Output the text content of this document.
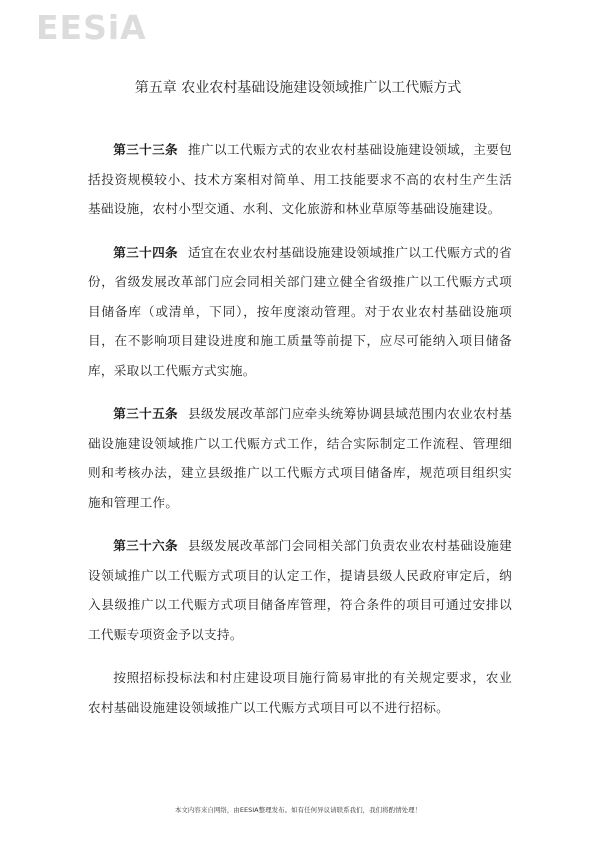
EESiA
第五章 农业农村基础设施建设领域推广以工代赈方式

第三十三条 推广以工代赈方式的农业农村基础设施建设领域，主要包括投资规模较小、技术方案相对简单、用工技能要求不高的农村生产生活基础设施，农村小型交通、水利、文化旅游和林业草原等基础设施建设。

第三十四条 适宜在农业农村基础设施建设领域推广以工代赈方式的省份，省级发展改革部门应会同相关部门建立健全省级推广以工代赈方式项目储备库（或清单，下同），按年度滚动管理。对于农业农村基础设施项目，在不影响项目建设进度和施工质量等前提下，应尽可能纳入项目储备库，采取以工代赈方式实施。

第三十五条 县级发展改革部门应牵头统筹协调县域范围内农业农村基础设施建设领域推广以工代赈方式工作，结合实际制定工作流程、管理细则和考核办法，建立县级推广以工代赈方式项目储备库，规范项目组织实施和管理工作。

第三十六条 县级发展改革部门会同相关部门负责农业农村基础设施建设领域推广以工代赈方式项目的认定工作，提请县级人民政府审定后，纳入县级推广以工代赈方式项目储备库管理，符合条件的项目可通过安排以工代赈专项资金予以支持。

按照招标投标法和村庄建设项目施行简易审批的有关规定要求，农业农村基础设施建设领域推广以工代赈方式项目可以不进行招标。

本文内容来自网络，由EESIA整理发布。如有任何异议请联系我们，我们将酌情处理！
